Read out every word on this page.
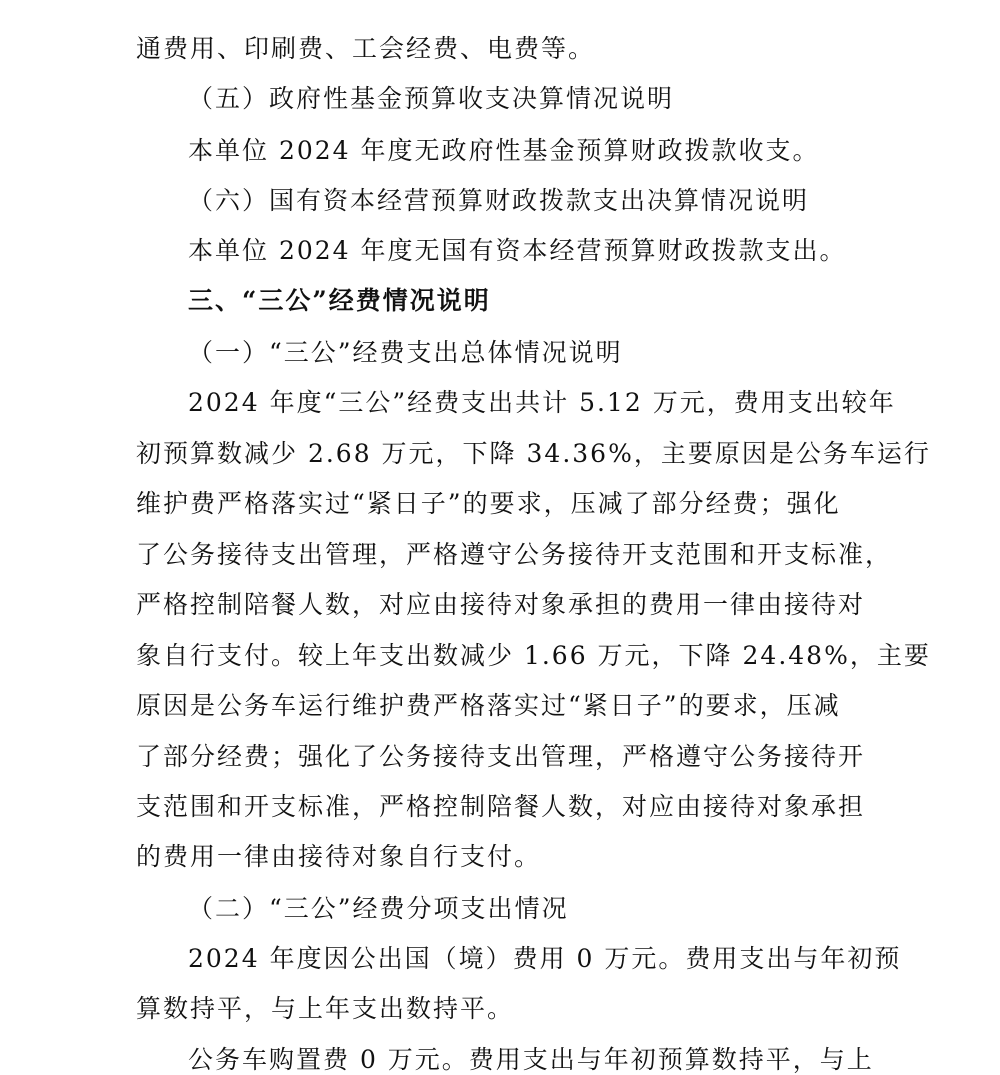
通费用、印刷费、工会经费、电费等。

（五）政府性基金预算收支决算情况说明

本单位 2024 年度无政府性基金预算财政拨款收支。

（六）国有资本经营预算财政拨款支出决算情况说明

本单位 2024 年度无国有资本经营预算财政拨款支出。

三、“三公”经费情况说明

（一）“三公”经费支出总体情况说明

2024 年度“三公”经费支出共计 5.12 万元，费用支出较年

初预算数减少 2.68 万元，下降 34.36%，主要原因是公务车运行

维护费严格落实过“紧日子”的要求，压减了部分经费；强化

了公务接待支出管理，严格遵守公务接待开支范围和开支标准，

严格控制陪餐人数，对应由接待对象承担的费用一律由接待对

象自行支付。较上年支出数减少 1.66 万元，下降 24.48%，主要

原因是公务车运行维护费严格落实过“紧日子”的要求，压减

了部分经费；强化了公务接待支出管理，严格遵守公务接待开

支范围和开支标准，严格控制陪餐人数，对应由接待对象承担

的费用一律由接待对象自行支付。

（二）“三公”经费分项支出情况

2024 年度因公出国（境）费用 0 万元。费用支出与年初预

算数持平，与上年支出数持平。

公务车购置费 0 万元。费用支出与年初预算数持平，与上
